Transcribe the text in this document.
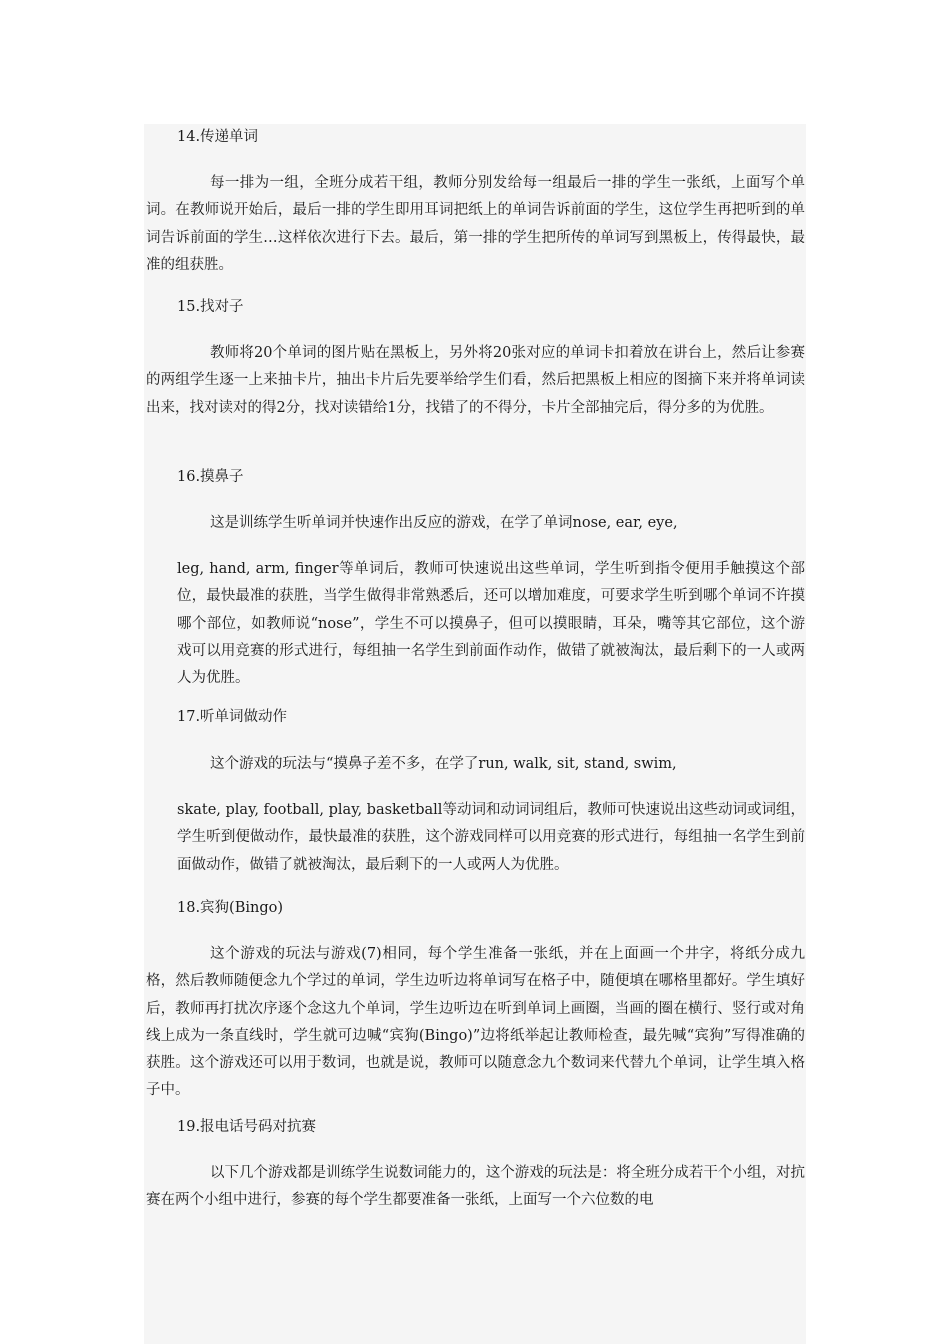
14.传递单词

每一排为一组，全班分成若干组，教师分别发给每一组最后一排的学生一张纸，上面写个单词。在教师说开始后，最后一排的学生即用耳词把纸上的单词告诉前面的学生，这位学生再把听到的单词告诉前面的学生…这样依次进行下去。最后，第一排的学生把所传的单词写到黑板上，传得最快，最准的组获胜。

15.找对子

教师将20个单词的图片贴在黑板上，另外将20张对应的单词卡扣着放在讲台上，然后让参赛的两组学生逐一上来抽卡片，抽出卡片后先要举给学生们看，然后把黑板上相应的图摘下来并将单词读出来，找对读对的得2分，找对读错给1分，找错了的不得分，卡片全部抽完后，得分多的为优胜。

16.摸鼻子

这是训练学生听单词并快速作出反应的游戏，在学了单词nose, ear, eye,

leg, hand, arm, finger等单词后，教师可快速说出这些单词，学生听到指令便用手触摸这个部位，最快最准的获胜，当学生做得非常熟悉后，还可以增加难度，可要求学生听到哪个单词不许摸哪个部位，如教师说“nose”，学生不可以摸鼻子，但可以摸眼睛，耳朵，嘴等其它部位，这个游戏可以用竞赛的形式进行，每组抽一名学生到前面作动作，做错了就被淘汰，最后剩下的一人或两人为优胜。

17.听单词做动作

这个游戏的玩法与“摸鼻子差不多，在学了run, walk, sit, stand, swim,

skate, play, football, play, basketball等动词和动词词组后，教师可快速说出这些动词或词组，学生听到便做动作，最快最准的获胜，这个游戏同样可以用竞赛的形式进行，每组抽一名学生到前面做动作，做错了就被淘汰，最后剩下的一人或两人为优胜。

18.宾狗(Bingo)

这个游戏的玩法与游戏(7)相同，每个学生准备一张纸，并在上面画一个井字，将纸分成九格，然后教师随便念九个学过的单词，学生边听边将单词写在格子中，随便填在哪格里都好。学生填好后，教师再打扰次序逐个念这九个单词，学生边听边在听到单词上画圈，当画的圈在横行、竖行或对角线上成为一条直线时，学生就可边喊“宾狗(Bingo)”边将纸举起让教师检查，最先喊“宾狗”写得准确的获胜。这个游戏还可以用于数词，也就是说，教师可以随意念九个数词来代替九个单词，让学生填入格子中。

19.报电话号码对抗赛

以下几个游戏都是训练学生说数词能力的，这个游戏的玩法是：将全班分成若干个小组，对抗赛在两个小组中进行，参赛的每个学生都要准备一张纸，上面写一个六位数的电
